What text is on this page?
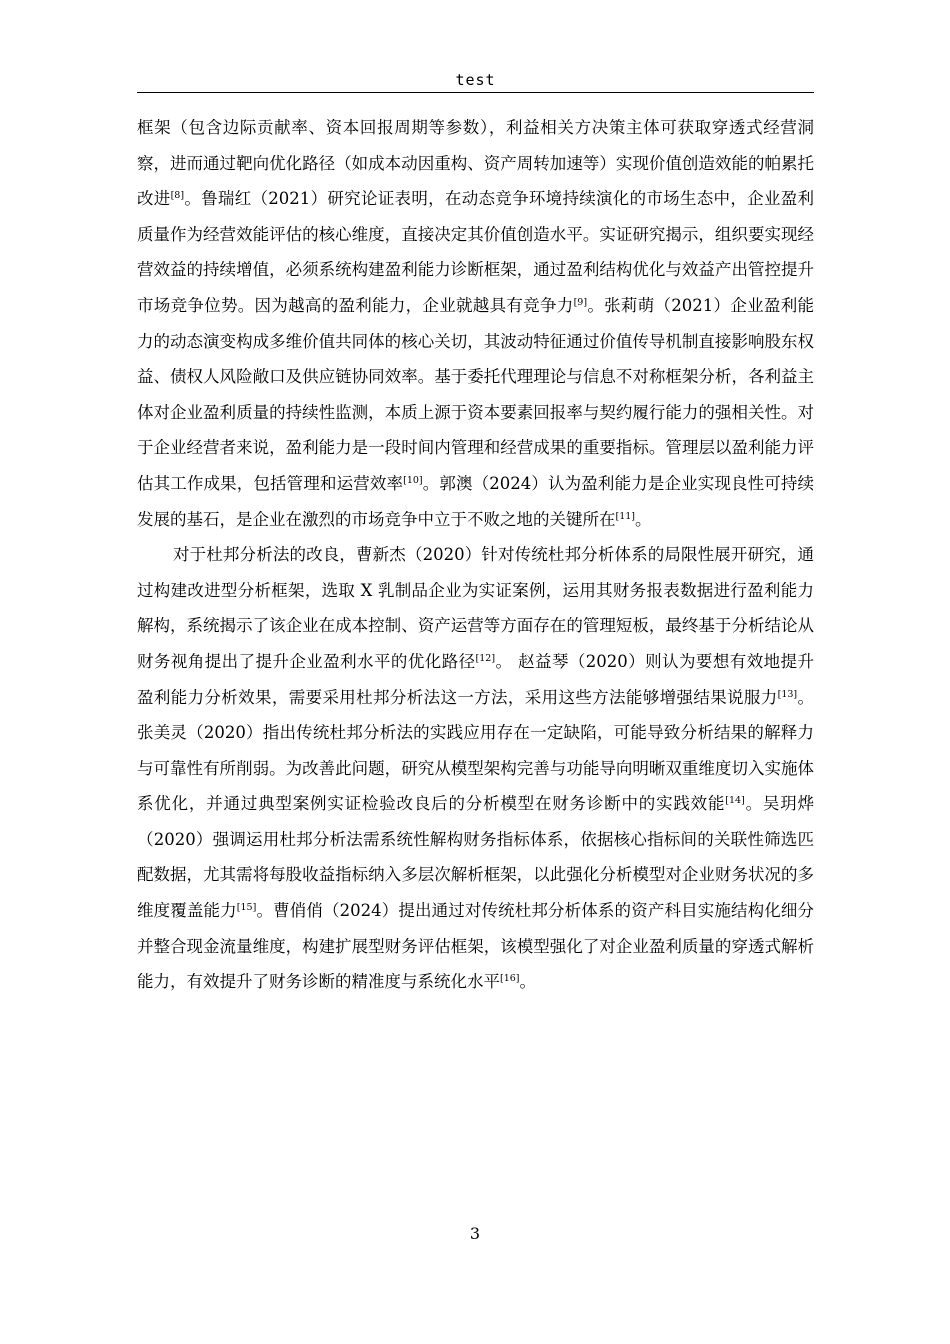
test

框架（包含边际贡献率、资本回报周期等参数），利益相关方决策主体可获取穿透式经营洞察，进而通过靶向优化路径（如成本动因重构、资产周转加速等）实现价值创造效能的帕累托改进[8]。鲁瑞红（2021）研究论证表明，在动态竞争环境持续演化的市场生态中，企业盈利质量作为经营效能评估的核心维度，直接决定其价值创造水平。实证研究揭示，组织要实现经营效益的持续增值，必须系统构建盈利能力诊断框架，通过盈利结构优化与效益产出管控提升市场竞争位势。因为越高的盈利能力，企业就越具有竞争力[9]。张莉萌（2021）企业盈利能力的动态演变构成多维价值共同体的核心关切，其波动特征通过价值传导机制直接影响股东权益、债权人风险敞口及供应链协同效率。基于委托代理理论与信息不对称框架分析，各利益主体对企业盈利质量的持续性监测，本质上源于资本要素回报率与契约履行能力的强相关性。对于企业经营者来说，盈利能力是一段时间内管理和经营成果的重要指标。管理层以盈利能力评估其工作成果，包括管理和运营效率[10]。郭澳（2024）认为盈利能力是企业实现良性可持续发展的基石，是企业在激烈的市场竞争中立于不败之地的关键所在[11]。

对于杜邦分析法的改良，曹新杰（2020）针对传统杜邦分析体系的局限性展开研究，通过构建改进型分析框架，选取 X 乳制品企业为实证案例，运用其财务报表数据进行盈利能力解构，系统揭示了该企业在成本控制、资产运营等方面存在的管理短板，最终基于分析结论从财务视角提出了提升企业盈利水平的优化路径[12]。 赵益琴（2020）则认为要想有效地提升盈利能力分析效果，需要采用杜邦分析法这一方法，采用这些方法能够增强结果说服力[13]。张美灵（2020）指出传统杜邦分析法的实践应用存在一定缺陷，可能导致分析结果的解释力与可靠性有所削弱。为改善此问题，研究从模型架构完善与功能导向明晰双重维度切入实施体系优化，并通过典型案例实证检验改良后的分析模型在财务诊断中的实践效能[14]。吴玥烨（2020）强调运用杜邦分析法需系统性解构财务指标体系，依据核心指标间的关联性筛选匹配数据，尤其需将每股收益指标纳入多层次解析框架，以此强化分析模型对企业财务状况的多维度覆盖能力[15]。曹俏俏（2024）提出通过对传统杜邦分析体系的资产科目实施结构化细分并整合现金流量维度，构建扩展型财务评估框架，该模型强化了对企业盈利质量的穿透式解析能力，有效提升了财务诊断的精准度与系统化水平[16]。

3
